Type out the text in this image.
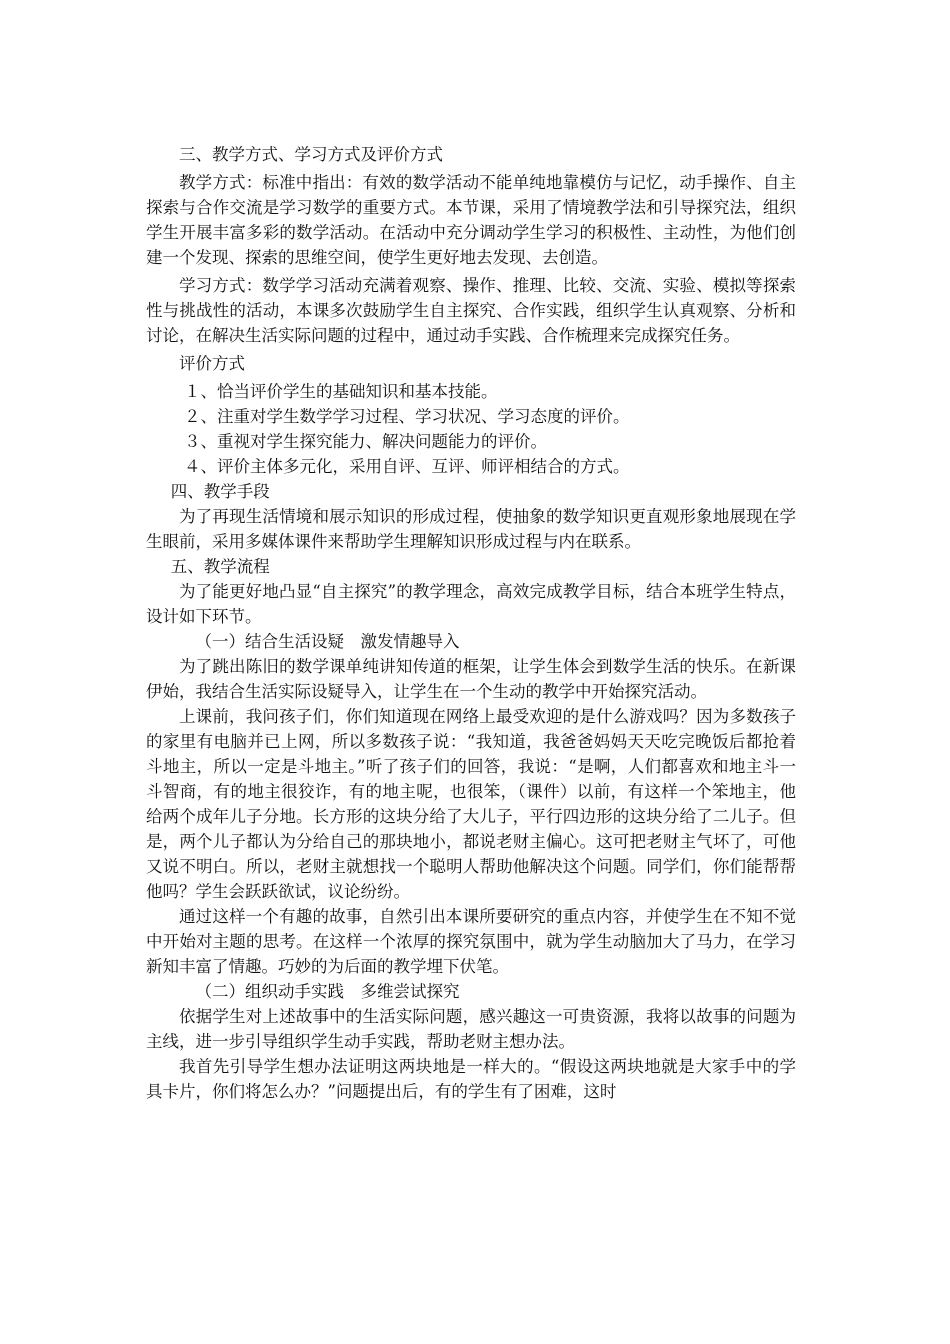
三、教学方式、学习方式及评价方式

教学方式：标准中指出：有效的数学活动不能单纯地靠模仿与记忆，动手操作、自主探索与合作交流是学习数学的重要方式。本节课，采用了情境教学法和引导探究法，组织学生开展丰富多彩的数学活动。在活动中充分调动学生学习的积极性、主动性，为他们创建一个发现、探索的思维空间，使学生更好地去发现、去创造。

学习方式：数学学习活动充满着观察、操作、推理、比较、交流、实验、模拟等探索性与挑战性的活动，本课多次鼓励学生自主探究、合作实践，组织学生认真观察、分析和讨论，在解决生活实际问题的过程中，通过动手实践、合作梳理来完成探究任务。

评价方式

１、恰当评价学生的基础知识和基本技能。

２、注重对学生数学学习过程、学习状况、学习态度的评价。

３、重视对学生探究能力、解决问题能力的评价。

４、评价主体多元化，采用自评、互评、师评相结合的方式。

四、教学手段

为了再现生活情境和展示知识的形成过程，使抽象的数学知识更直观形象地展现在学生眼前，采用多媒体课件来帮助学生理解知识形成过程与内在联系。

五、教学流程

为了能更好地凸显“自主探究”的教学理念，高效完成教学目标，结合本班学生特点，设计如下环节。

（一）结合生活设疑　激发情趣导入

为了跳出陈旧的数学课单纯讲知传道的框架，让学生体会到数学生活的快乐。在新课伊始，我结合生活实际设疑导入，让学生在一个生动的教学中开始探究活动。

上课前，我问孩子们，你们知道现在网络上最受欢迎的是什么游戏吗？因为多数孩子的家里有电脑并已上网，所以多数孩子说：“我知道，我爸爸妈妈天天吃完晚饭后都抢着斗地主，所以一定是斗地主。”听了孩子们的回答，我说：“是啊，人们都喜欢和地主斗一斗智商，有的地主很狡诈，有的地主呢，也很笨，（课件）以前，有这样一个笨地主，他给两个成年儿子分地。长方形的这块分给了大儿子，平行四边形的这块分给了二儿子。但是，两个儿子都认为分给自己的那块地小，都说老财主偏心。这可把老财主气坏了，可他又说不明白。所以，老财主就想找一个聪明人帮助他解决这个问题。同学们，你们能帮帮他吗？学生会跃跃欲试，议论纷纷。

通过这样一个有趣的故事，自然引出本课所要研究的重点内容，并使学生在不知不觉中开始对主题的思考。在这样一个浓厚的探究氛围中，就为学生动脑加大了马力，在学习新知丰富了情趣。巧妙的为后面的教学埋下伏笔。

（二）组织动手实践　多维尝试探究

依据学生对上述故事中的生活实际问题，感兴趣这一可贵资源，我将以故事的问题为主线，进一步引导组织学生动手实践，帮助老财主想办法。

我首先引导学生想办法证明这两块地是一样大的。“假设这两块地就是大家手中的学具卡片，你们将怎么办？”问题提出后，有的学生有了困难，这时
